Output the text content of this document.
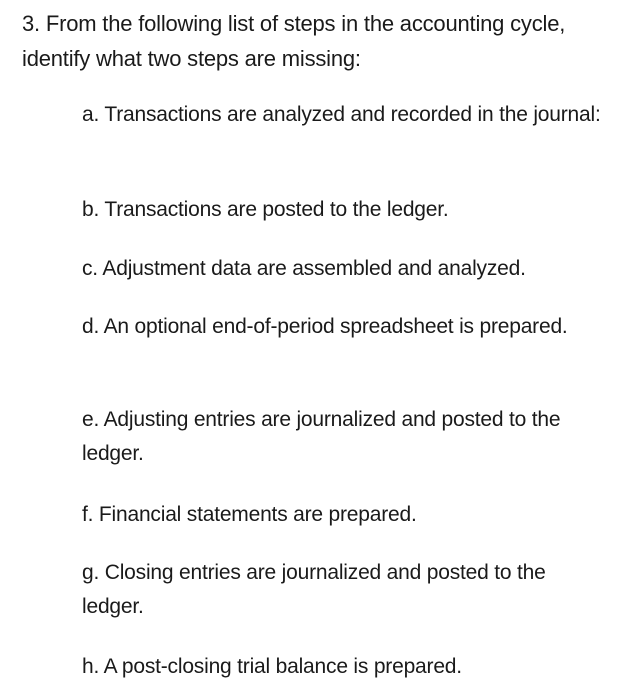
3. From the following list of steps in the accounting cycle, identify what two steps are missing:

a. Transactions are analyzed and recorded in the journal:
b. Transactions are posted to the ledger.
c. Adjustment data are assembled and analyzed.
d. An optional end-of-period spreadsheet is prepared.
e. Adjusting entries are journalized and posted to the ledger.
f. Financial statements are prepared.
g. Closing entries are journalized and posted to the ledger.
h. A post-closing trial balance is prepared.
